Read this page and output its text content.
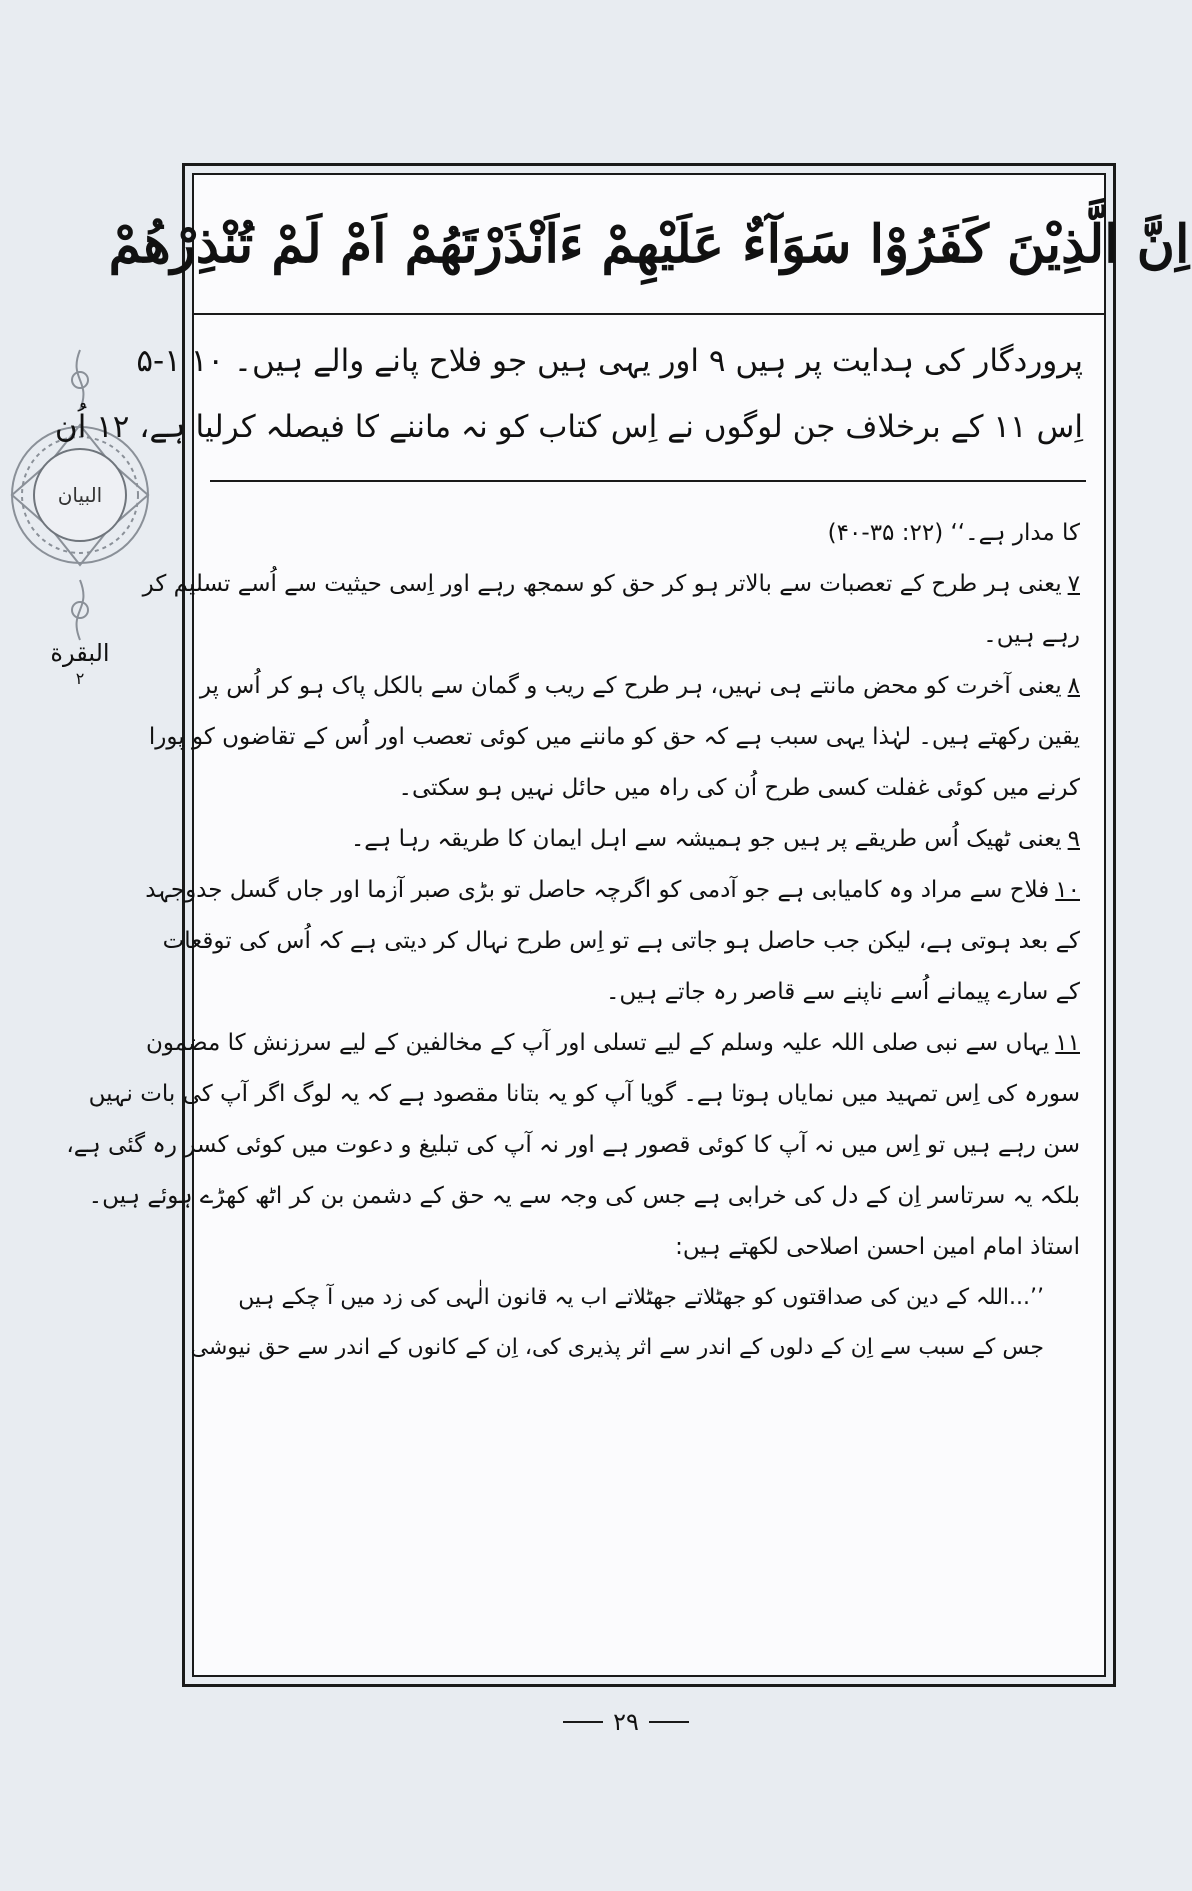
البیان
البقرة
٢
اِنَّ الَّذِيْنَ كَفَرُوْا سَوَآءٌ عَلَيْهِمْ ءَاَنْذَرْتَهُمْ اَمْ لَمْ تُنْذِرْهُمْ

پروردگار کی ہدایت پر ہیں ٩ اور یہی ہیں جو فلاح پانے والے ہیں۔ ١٠ ۱-۵

اِس ١١ کے برخلاف جن لوگوں نے اِس کتاب کو نہ ماننے کا فیصلہ کرلیا ہے، ١٢ اُن

کا مدار ہے۔‘‘ (۲۲: ۳۵-۴۰)

٧یعنی ہر طرح کے تعصبات سے بالاتر ہو کر حق کو سمجھ رہے اور اِسی حیثیت سے اُسے تسلیم کر

رہے ہیں۔

٨یعنی آخرت کو محض مانتے ہی نہیں، ہر طرح کے ریب و گمان سے بالکل پاک ہو کر اُس پر

یقین رکھتے ہیں۔ لہٰذا یہی سبب ہے کہ حق کو ماننے میں کوئی تعصب اور اُس کے تقاضوں کو پورا

کرنے میں کوئی غفلت کسی طرح اُن کی راہ میں حائل نہیں ہو سکتی۔

٩یعنی ٹھیک اُس طریقے پر ہیں جو ہمیشہ سے اہل ایمان کا طریقہ رہا ہے۔

١٠فلاح سے مراد وہ کامیابی ہے جو آدمی کو اگرچہ حاصل تو بڑی صبر آزما اور جاں گسل جدوجہد

کے بعد ہوتی ہے، لیکن جب حاصل ہو جاتی ہے تو اِس طرح نہال کر دیتی ہے کہ اُس کی توقعات

کے سارے پیمانے اُسے ناپنے سے قاصر رہ جاتے ہیں۔

١١یہاں سے نبی صلی اللہ علیہ وسلم کے لیے تسلی اور آپ کے مخالفین کے لیے سرزنش کا مضمون

سورہ کی اِس تمہید میں نمایاں ہوتا ہے۔ گویا آپ کو یہ بتانا مقصود ہے کہ یہ لوگ اگر آپ کی بات نہیں

سن رہے ہیں تو اِس میں نہ آپ کا کوئی قصور ہے اور نہ آپ کی تبلیغ و دعوت میں کوئی کسر رہ گئی ہے،

بلکہ یہ سرتاسر اِن کے دل کی خرابی ہے جس کی وجہ سے یہ حق کے دشمن بن کر اٹھ کھڑے ہوئے ہیں۔

استاذ امام امین احسن اصلاحی لکھتے ہیں:

’’...اللہ کے دین کی صداقتوں کو جھٹلاتے جھٹلاتے اب یہ قانون الٰہی کی زد میں آ چکے ہیں

جس کے سبب سے اِن کے دلوں کے اندر سے اثر پذیری کی، اِن کے کانوں کے اندر سے حق نیوشی

۲۹
